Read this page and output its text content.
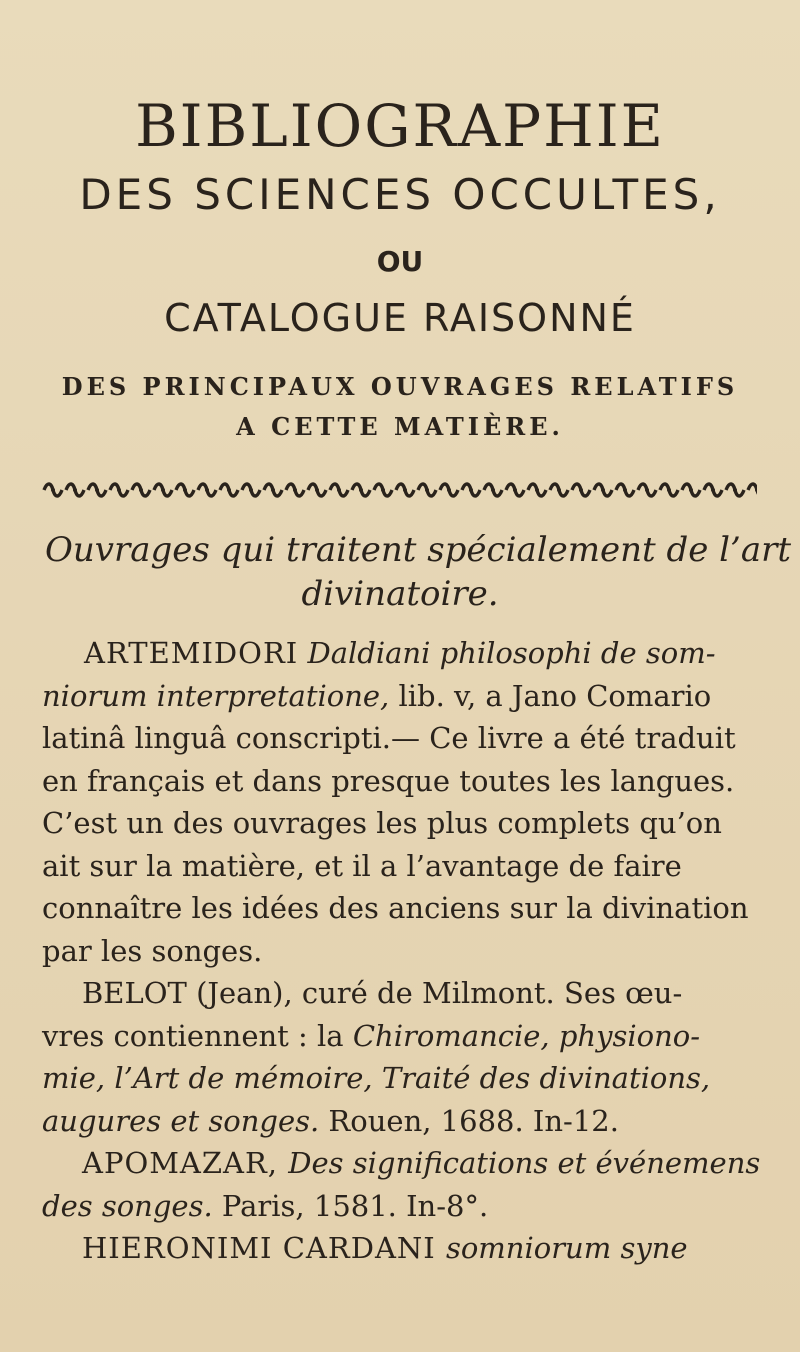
BIBLIOGRAPHIE
DES SCIENCES OCCULTES,
OU
CATALOGUE RAISONNÉ
DES PRINCIPAUX OUVRAGES RELATIFS
A CETTE MATIÈRE.
Ouvrages qui traitent spécialement de l’art
divinatoire.
ARTEMIDORI Daldiani philosophi de som-
niorum interpretatione, lib. v, a Jano Comario
latinâ linguâ conscripti.— Ce livre a été traduit
en français et dans presque toutes les langues.
C’est un des ouvrages les plus complets qu’on
ait sur la matière, et il a l’avantage de faire
connaître les idées des anciens sur la divination
par les songes.
BELOT (Jean), curé de Milmont. Ses œu-
vres contiennent : la Chiromancie, physiono-
mie, l’Art de mémoire, Traité des divinations,
augures et songes. Rouen, 1688. In-12.
APOMAZAR, Des significations et événemens
des songes. Paris, 1581. In-8°.
HIERONIMI CARDANI somniorum syne
